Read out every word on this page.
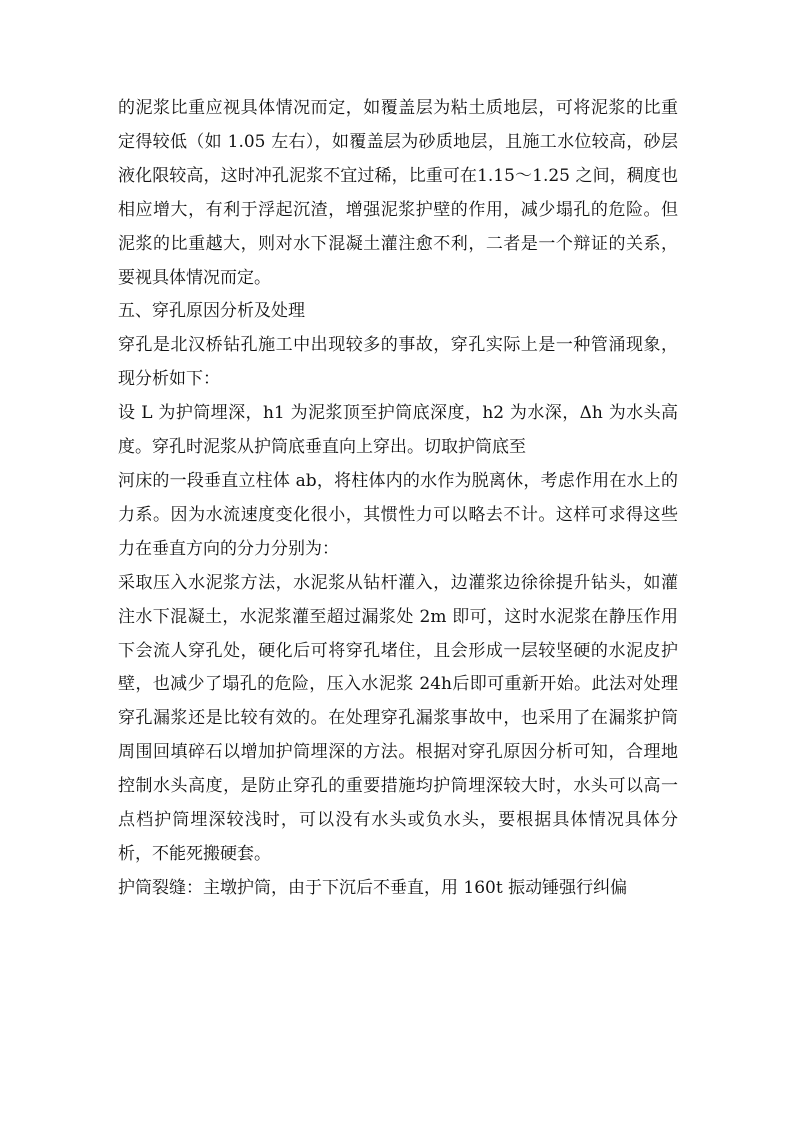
的泥浆比重应视具体情况而定，如覆盖层为粘土质地层，可将泥浆的比重定得较低（如 1.05 左右），如覆盖层为砂质地层，且施工水位较高，砂层液化限较高，这时冲孔泥浆不宜过稀，比重可在1.15～1.25 之间，稠度也相应增大，有利于浮起沉渣，增强泥浆护壁的作用，减少塌孔的危险。但泥浆的比重越大，则对水下混凝土灌注愈不利，二者是一个辩证的关系，要视具体情况而定。

五、穿孔原因分析及处理

穿孔是北汉桥钻孔施工中出现较多的事故，穿孔实际上是一种管涌现象，现分析如下：

设 L 为护筒埋深，h1 为泥浆顶至护筒底深度，h2 为水深，Δh 为水头高度。穿孔时泥浆从护筒底垂直向上穿出。切取护筒底至

河床的一段垂直立柱体 ab，将柱体内的水作为脱离休，考虑作用在水上的力系。因为水流速度变化很小，其惯性力可以略去不计。这样可求得这些力在垂直方向的分力分别为：

采取压入水泥浆方法，水泥浆从钻杆灌入，边灌浆边徐徐提升钻头，如灌注水下混凝土，水泥浆灌至超过漏浆处 2m 即可，这时水泥浆在静压作用下会流人穿孔处，硬化后可将穿孔堵住，且会形成一层较坚硬的水泥皮护壁，也减少了塌孔的危险，压入水泥浆 24h后即可重新开始。此法对处理穿孔漏浆还是比较有效的。在处理穿孔漏浆事故中，也采用了在漏浆护筒周围回填碎石以增加护筒埋深的方法。根据对穿孔原因分析可知，合理地控制水头高度，是防止穿孔的重要措施均护筒埋深较大时，水头可以高一点档护筒埋深较浅时，可以没有水头或负水头，要根据具体情况具体分析，不能死搬硬套。

护筒裂缝：主墩护筒，由于下沉后不垂直，用 160t 振动锤强行纠偏
